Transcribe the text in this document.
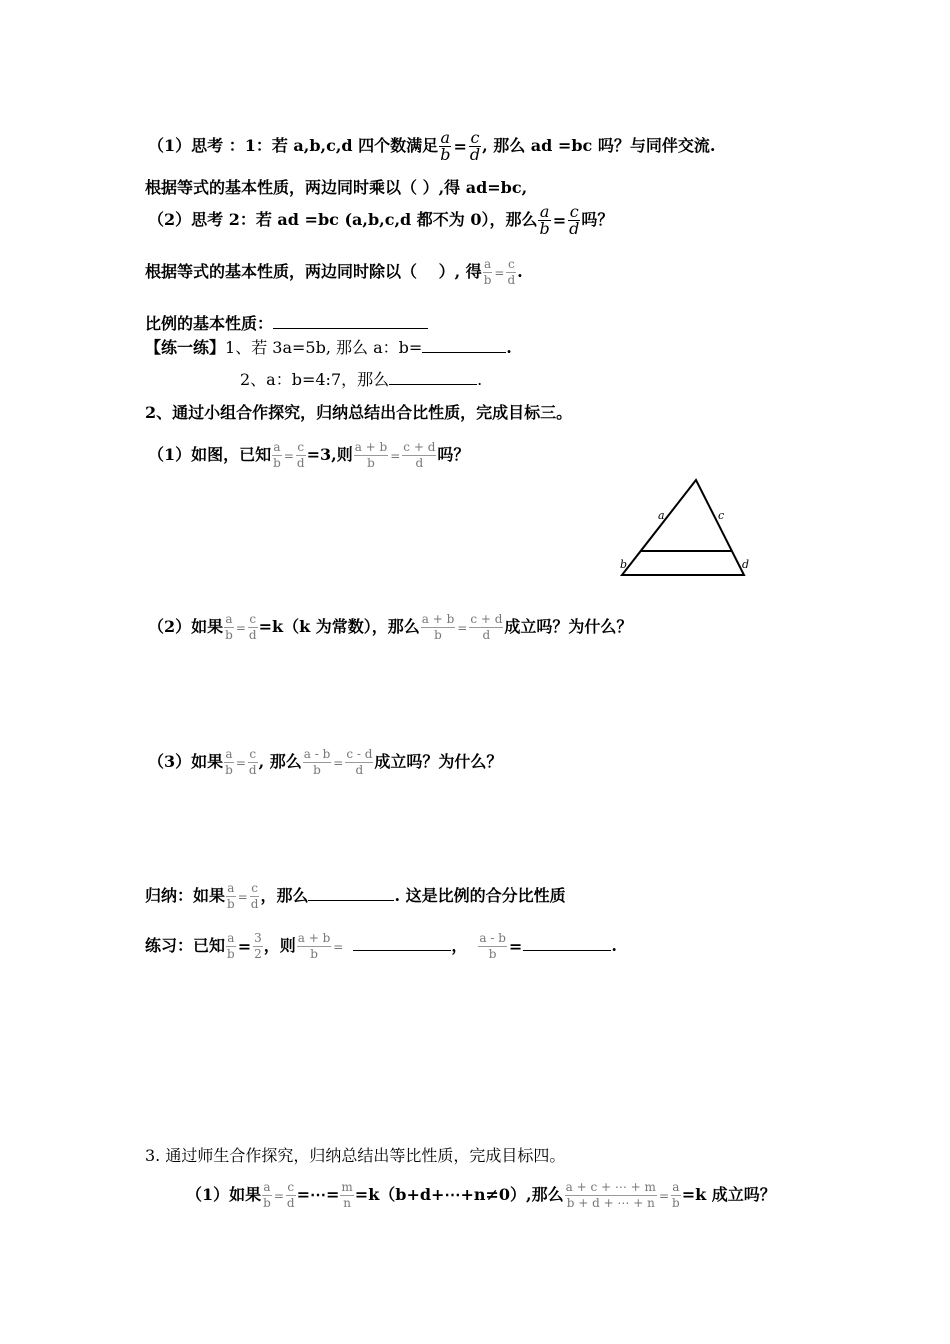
（1）思考 ：1：若 a,b,c,d 四个数满足 $\frac{a}{b} = \frac{c}{d}$ , 那么 ad =bc 吗？与同伴交流.
根据等式的基本性质，两边同时乘以（ ）,得 ad=bc,
（2）思考 2：若 ad =bc (a,b,c,d 都不为 0），那么 $\frac{a}{b} = \frac{c}{d}$ 吗？
根据等式的基本性质，两边同时除以（　 ）, 得 $\frac{a}{b} = \frac{c}{d}$ .
比例的基本性质：
【练一练】1、若 3a=5b, 那么 a：b=	.
2、a：b=4:7，那么	.
2、通过小组合作探究，归纳总结出合比性质，完成目标三。
（1）如图，已知 $\frac{a}{b} = \frac{c}{d} =3$,则 $\frac{a + b}{b} = \frac{c + d}{d}$ 吗？
a	c
b	d
（2）如果 $\frac{a}{b} = \frac{c}{d} =k(k$ 为常数），那么 $\frac{a + b}{b} = \frac{c + d}{d}$ 成立吗？为什么？
（3）如果 $\frac{a}{b} = \frac{c}{d}$ , 那么 $\frac{a - b}{b} = \frac{c - d}{d}$ 成立吗？为什么？
归纳：如果 $\frac{a}{b} = \frac{c}{d}$ ，那么	. 这是比例的合分比性质
练习：已知 $\frac{a}{b} = \frac{3}{2}$ ，则 $\frac{a + b}{b}$ =	， $\frac{a - b}{b}$ =	.
3. 通过师生合作探究，归纳总结出等比性质，完成目标四。
（1）如果 $\frac{a}{b} = \frac{c}{d}$ =⋯= $\frac{m}{n}$ =k（b+d+⋯+n≠0）,那么 $\frac{a + c + \cdots + m}{b + d + \cdots + n} = \frac{a}{b} =k$ 成立吗？
